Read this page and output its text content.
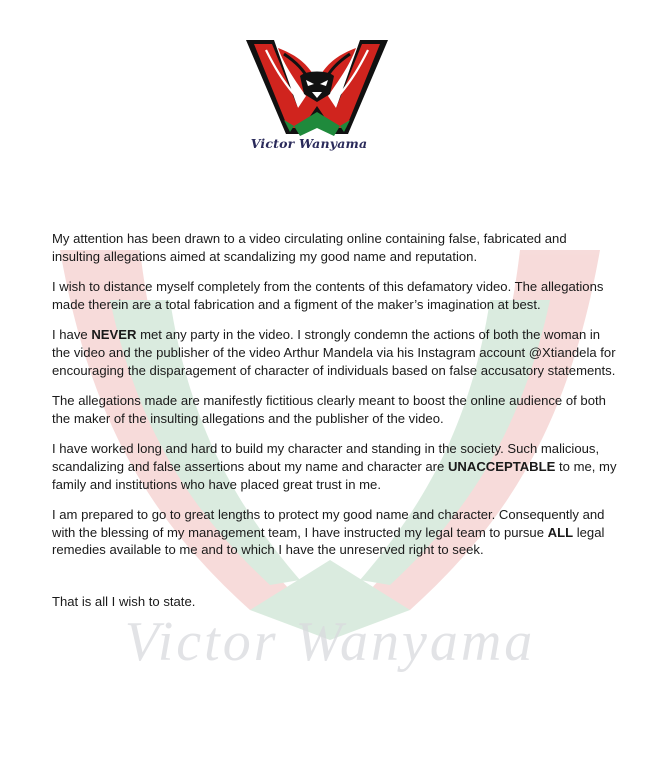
Victor Wanyama
Victor Wanyama

My attention has been drawn to a video circulating online containing false, fabricated and insulting allegations aimed at scandalizing my good name and reputation.

I wish to distance myself completely from the contents of this defamatory video. The allegations made therein are a total fabrication and a figment of the maker’s imagination at best.

I have NEVER met any party in the video. I strongly condemn the actions of both the woman in the video and the publisher of the video Arthur Mandela via his Instagram account @Xtiandela for encouraging the disparagement of character of individuals based on false accusatory statements.

The allegations made are manifestly fictitious clearly meant to boost the online audience of both the maker of the insulting allegations and the publisher of the video.

I have worked long and hard to build my character and standing in the society. Such malicious, scandalizing and false assertions about my name and character are UNACCEPTABLE to me, my family and institutions who have placed great trust in me.

I am prepared to go to great lengths to protect my good name and character. Consequently and with the blessing of my management team, I have instructed my legal team to pursue ALL legal remedies available to me and to which I have the unreserved right to seek.

That is all I wish to state.
